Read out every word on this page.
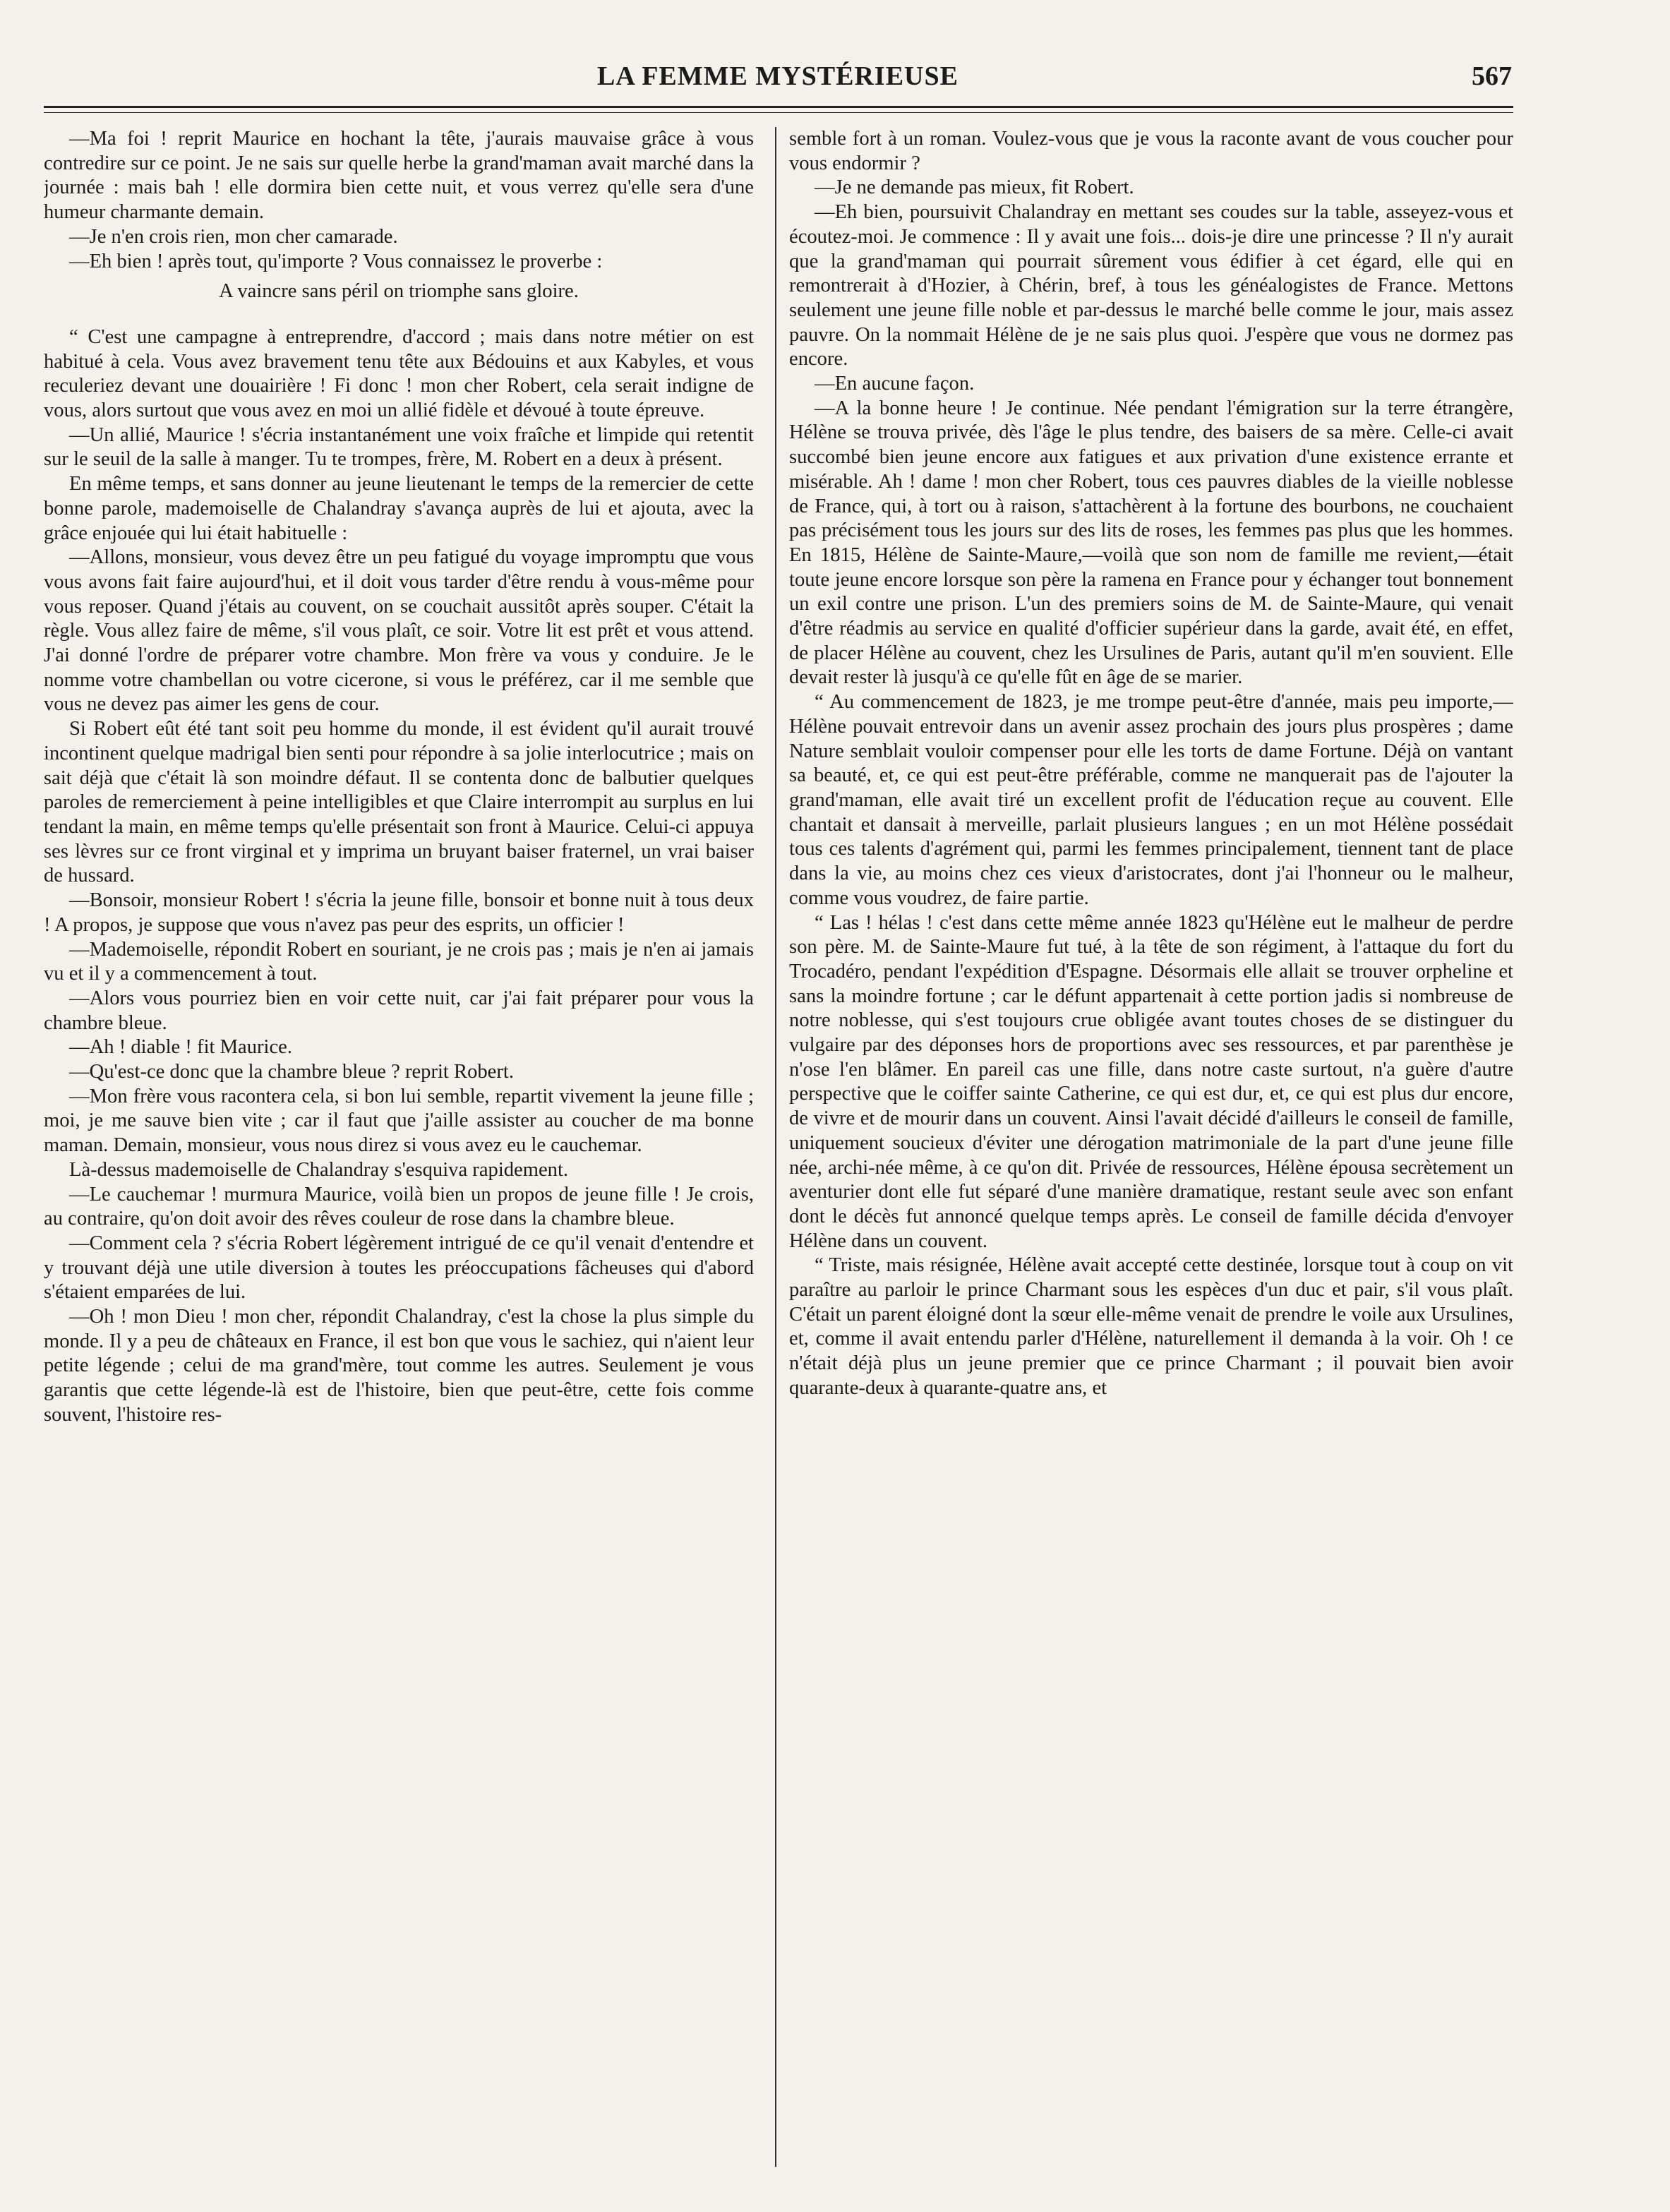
LA FEMME MYSTÉRIEUSE	567

—Ma foi ! reprit Maurice en hochant la tête, j'aurais mauvaise grâce à vous contredire sur ce point. Je ne sais sur quelle herbe la grand'maman avait marché dans la journée : mais bah ! elle dormira bien cette nuit, et vous verrez qu'elle sera d'une humeur charmante demain.

—Je n'en crois rien, mon cher camarade.

—Eh bien ! après tout, qu'importe ? Vous connaissez le proverbe :

A vaincre sans péril on triomphe sans gloire.

“ C'est une campagne à entreprendre, d'accord ; mais dans notre métier on est habitué à cela. Vous avez bravement tenu tête aux Bédouins et aux Kabyles, et vous reculeriez devant une douairière ! Fi donc ! mon cher Robert, cela serait indigne de vous, alors surtout que vous avez en moi un allié fidèle et dévoué à toute épreuve.

—Un allié, Maurice ! s'écria instantanément une voix fraîche et limpide qui retentit sur le seuil de la salle à manger. Tu te trompes, frère, M. Robert en a deux à présent.

En même temps, et sans donner au jeune lieutenant le temps de la remercier de cette bonne parole, mademoiselle de Chalandray s'avança auprès de lui et ajouta, avec la grâce enjouée qui lui était habituelle :

—Allons, monsieur, vous devez être un peu fatigué du voyage impromptu que vous vous avons fait faire aujourd'hui, et il doit vous tarder d'être rendu à vous-même pour vous reposer. Quand j'étais au couvent, on se couchait aussitôt après souper. C'était la règle. Vous allez faire de même, s'il vous plaît, ce soir. Votre lit est prêt et vous attend. J'ai donné l'ordre de préparer votre chambre. Mon frère va vous y conduire. Je le nomme votre chambellan ou votre cicerone, si vous le préférez, car il me semble que vous ne devez pas aimer les gens de cour.

Si Robert eût été tant soit peu homme du monde, il est évident qu'il aurait trouvé incontinent quelque madrigal bien senti pour répondre à sa jolie interlocutrice ; mais on sait déjà que c'était là son moindre défaut. Il se contenta donc de balbutier quelques paroles de remerciement à peine intelligibles et que Claire interrompit au surplus en lui tendant la main, en même temps qu'elle présentait son front à Maurice. Celui-ci appuya ses lèvres sur ce front virginal et y imprima un bruyant baiser fraternel, un vrai baiser de hussard.

—Bonsoir, monsieur Robert ! s'écria la jeune fille, bonsoir et bonne nuit à tous deux ! A propos, je suppose que vous n'avez pas peur des esprits, un officier !

—Mademoiselle, répondit Robert en souriant, je ne crois pas ; mais je n'en ai jamais vu et il y a commencement à tout.

—Alors vous pourriez bien en voir cette nuit, car j'ai fait préparer pour vous la chambre bleue.

—Ah ! diable ! fit Maurice.

—Qu'est-ce donc que la chambre bleue ? reprit Robert.

—Mon frère vous racontera cela, si bon lui semble, repartit vivement la jeune fille ; moi, je me sauve bien vite ; car il faut que j'aille assister au coucher de ma bonne maman. Demain, monsieur, vous nous direz si vous avez eu le cauchemar.

Là-dessus mademoiselle de Chalandray s'esquiva rapidement.

—Le cauchemar ! murmura Maurice, voilà bien un propos de jeune fille ! Je crois, au contraire, qu'on doit avoir des rêves couleur de rose dans la chambre bleue.

—Comment cela ? s'écria Robert légèrement intrigué de ce qu'il venait d'entendre et y trouvant déjà une utile diversion à toutes les préoccupations fâcheuses qui d'abord s'étaient emparées de lui.

—Oh ! mon Dieu ! mon cher, répondit Chalandray, c'est la chose la plus simple du monde. Il y a peu de châteaux en France, il est bon que vous le sachiez, qui n'aient leur petite légende ; celui de ma grand'mère, tout comme les autres. Seulement je vous garantis que cette légende-là est de l'histoire, bien que peut-être, cette fois comme souvent, l'histoire res-

semble fort à un roman. Voulez-vous que je vous la raconte avant de vous coucher pour vous endormir ?

—Je ne demande pas mieux, fit Robert.

—Eh bien, poursuivit Chalandray en mettant ses coudes sur la table, asseyez-vous et écoutez-moi. Je commence : Il y avait une fois... dois-je dire une princesse ? Il n'y aurait que la grand'maman qui pourrait sûrement vous édifier à cet égard, elle qui en remontrerait à d'Hozier, à Chérin, bref, à tous les généalogistes de France. Mettons seulement une jeune fille noble et par-dessus le marché belle comme le jour, mais assez pauvre. On la nommait Hélène de je ne sais plus quoi. J'espère que vous ne dormez pas encore.

—En aucune façon.

—A la bonne heure ! Je continue. Née pendant l'émigration sur la terre étrangère, Hélène se trouva privée, dès l'âge le plus tendre, des baisers de sa mère. Celle-ci avait succombé bien jeune encore aux fatigues et aux privation d'une existence errante et misérable. Ah ! dame ! mon cher Robert, tous ces pauvres diables de la vieille noblesse de France, qui, à tort ou à raison, s'attachèrent à la fortune des bourbons, ne couchaient pas précisément tous les jours sur des lits de roses, les femmes pas plus que les hommes. En 1815, Hélène de Sainte-Maure,—voilà que son nom de famille me revient,—était toute jeune encore lorsque son père la ramena en France pour y échanger tout bonnement un exil contre une prison. L'un des premiers soins de M. de Sainte-Maure, qui venait d'être réadmis au service en qualité d'officier supérieur dans la garde, avait été, en effet, de placer Hélène au couvent, chez les Ursulines de Paris, autant qu'il m'en souvient. Elle devait rester là jusqu'à ce qu'elle fût en âge de se marier.

“ Au commencement de 1823, je me trompe peut-être d'année, mais peu importe,—Hélène pouvait entrevoir dans un avenir assez prochain des jours plus prospères ; dame Nature semblait vouloir compenser pour elle les torts de dame Fortune. Déjà on vantant sa beauté, et, ce qui est peut-être préférable, comme ne manquerait pas de l'ajouter la grand'maman, elle avait tiré un excellent profit de l'éducation reçue au couvent. Elle chantait et dansait à merveille, parlait plusieurs langues ; en un mot Hélène possédait tous ces talents d'agrément qui, parmi les femmes principalement, tiennent tant de place dans la vie, au moins chez ces vieux d'aristocrates, dont j'ai l'honneur ou le malheur, comme vous voudrez, de faire partie.

“ Las ! hélas ! c'est dans cette même année 1823 qu'Hélène eut le malheur de perdre son père. M. de Sainte-Maure fut tué, à la tête de son régiment, à l'attaque du fort du Trocadéro, pendant l'expédition d'Espagne. Désormais elle allait se trouver orpheline et sans la moindre fortune ; car le défunt appartenait à cette portion jadis si nombreuse de notre noblesse, qui s'est toujours crue obligée avant toutes choses de se distinguer du vulgaire par des déponses hors de proportions avec ses ressources, et par parenthèse je n'ose l'en blâmer. En pareil cas une fille, dans notre caste surtout, n'a guère d'autre perspective que le coiffer sainte Catherine, ce qui est dur, et, ce qui est plus dur encore, de vivre et de mourir dans un couvent. Ainsi l'avait décidé d'ailleurs le conseil de famille, uniquement soucieux d'éviter une dérogation matrimoniale de la part d'une jeune fille née, archi-née même, à ce qu'on dit. Privée de ressources, Hélène épousa secrètement un aventurier dont elle fut séparé d'une manière dramatique, restant seule avec son enfant dont le décès fut annoncé quelque temps après. Le conseil de famille décida d'envoyer Hélène dans un couvent.

“ Triste, mais résignée, Hélène avait accepté cette destinée, lorsque tout à coup on vit paraître au parloir le prince Charmant sous les espèces d'un duc et pair, s'il vous plaît. C'était un parent éloigné dont la sœur elle-même venait de prendre le voile aux Ursulines, et, comme il avait entendu parler d'Hélène, naturellement il demanda à la voir. Oh ! ce n'était déjà plus un jeune premier que ce prince Charmant ; il pouvait bien avoir quarante-deux à quarante-quatre ans, et
